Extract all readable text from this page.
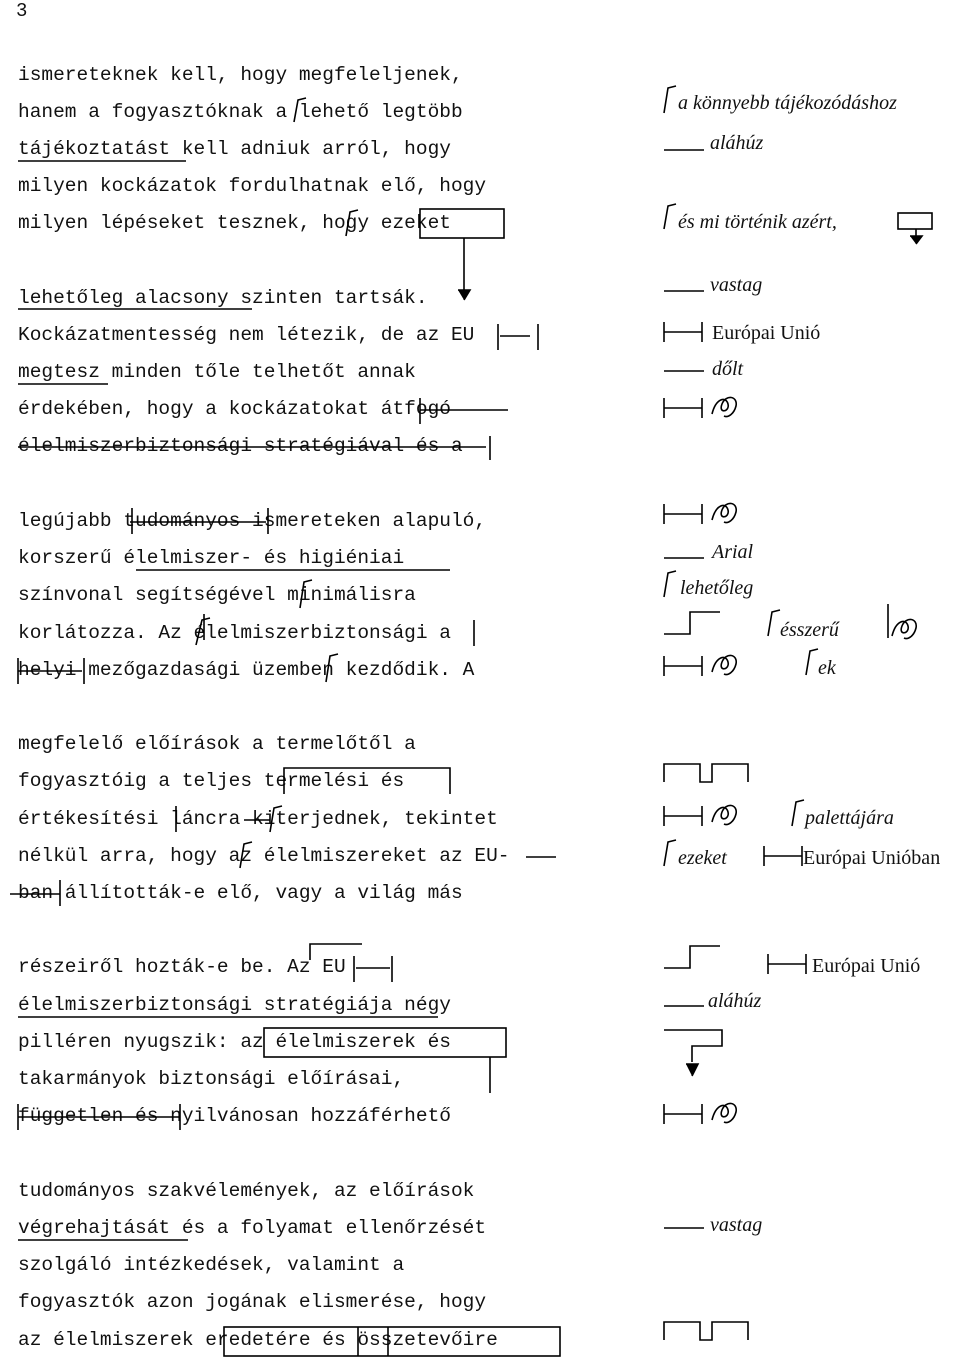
3
ismereteknek kell, hogy megfeleljenek,
hanem a fogyasztóknak a lehető legtöbb
tájékoztatást kell adniuk arról, hogy
milyen kockázatok fordulhatnak elő, hogy
milyen lépéseket tesznek, hogy ezeket
lehetőleg alacsony szinten tartsák.
Kockázatmentesség nem létezik, de az EU
megtesz minden tőle telhetőt annak
érdekében, hogy a kockázatokat átfogó
élelmiszerbiztonsági stratégiával és a
legújabb tudományos ismereteken alapuló,
korszerű élelmiszer- és higiéniai
színvonal segítségével minimálisra
korlátozza. Az élelmiszerbiztonsági a
helyi mezőgazdasági üzemben kezdődik. A
megfelelő előírások a termelőtől a
fogyasztóig a teljes termelési és
értékesítési láncra kiterjednek, tekintet
nélkül arra, hogy az élelmiszereket az EU-
ban állították-e elő, vagy a világ más
részeiről hozták-e be. Az EU
élelmiszerbiztonsági stratégiája négy
pilléren nyugszik: az élelmiszerek és
takarmányok biztonsági előírásai,
független és nyilvánosan hozzáférhető
tudományos szakvélemények, az előírások
végrehajtását és a folyamat ellenőrzését
szolgáló intézkedések, valamint a
fogyasztók azon jogának elismerése, hogy
az élelmiszerek eredetére és összetevőire
a könnyebb tájékozódáshoz
aláhúz
és mi történik azért,
vastag
Európai Unió
dőlt
Arial
lehetőleg
ésszerű
ek
palettájára
ezeket	Európai Unióban
Európai Unió
aláhúz
vastag
